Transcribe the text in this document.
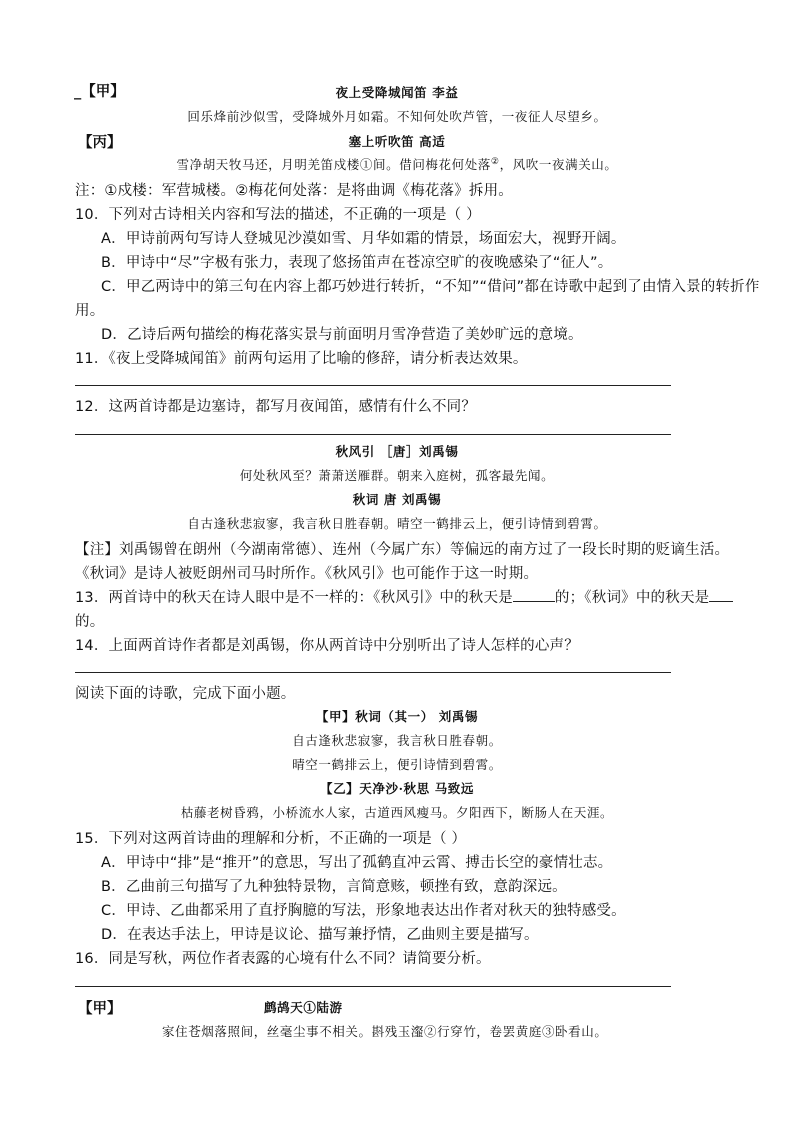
_【甲】	夜上受降城闻笛 李益
回乐烽前沙似雪，受降城外月如霜。不知何处吹芦管，一夜征人尽望乡。
【丙】	塞上听吹笛 高适
雪净胡天牧马还，月明羌笛戍楼①间。借问梅花何处落②，风吹一夜满关山。
注：①戍楼：军营城楼。②梅花何处落：是将曲调《梅花落》拆用。
10．下列对古诗相关内容和写法的描述，不正确的一项是（ ）
A．甲诗前两句写诗人登城见沙漠如雪、月华如霜的情景，场面宏大，视野开阔。
B．甲诗中“尽”字极有张力，表现了悠扬笛声在苍凉空旷的夜晚感染了“征人”。
C．甲乙两诗中的第三句在内容上都巧妙进行转折，“不知”“借问”都在诗歌中起到了由情入景的转折作
用。
D．乙诗后两句描绘的梅花落实景与前面明月雪净营造了美妙旷远的意境。
11．《夜上受降城闻笛》前两句运用了比喻的修辞，请分析表达效果。
12．这两首诗都是边塞诗，都写月夜闻笛，感情有什么不同？
秋风引 ［唐］刘禹锡
何处秋风至？萧萧送雁群。朝来入庭树，孤客最先闻。
秋词 唐 刘禹锡
自古逢秋悲寂寥，我言秋日胜春朝。晴空一鹤排云上，便引诗情到碧霄。
【注】刘禹锡曾在朗州（今湖南常德）、连州（今属广东）等偏远的南方过了一段长时期的贬谪生活。
《秋词》是诗人被贬朗州司马时所作。《秋风引》也可能作于这一时期。
13．两首诗中的秋天在诗人眼中是不一样的：《秋风引》中的秋天是	的；《秋词》中的秋天是
的。
14．上面两首诗作者都是刘禹锡，你从两首诗中分别听出了诗人怎样的心声？
阅读下面的诗歌，完成下面小题。
【甲】秋词（其一） 刘禹锡
自古逢秋悲寂寥，我言秋日胜春朝。
晴空一鹤排云上，便引诗情到碧霄。
【乙】天净沙·秋思 马致远
枯藤老树昏鸦，小桥流水人家，古道西风瘦马。夕阳西下，断肠人在天涯。
15．下列对这两首诗曲的理解和分析，不正确的一项是（ ）
A．甲诗中“排”是“推开”的意思，写出了孤鹤直冲云霄、搏击长空的豪情壮志。
B．乙曲前三句描写了九种独特景物，言简意赅，顿挫有致，意韵深远。
C．甲诗、乙曲都采用了直抒胸臆的写法，形象地表达出作者对秋天的独特感受。
D．在表达手法上，甲诗是议论、描写兼抒情，乙曲则主要是描写。
16．同是写秋，两位作者表露的心境有什么不同？请简要分析。
【甲】	鹧鸪天①陆游
家住苍烟落照间，丝毫尘事不相关。斟残玉瀣②行穿竹，卷罢黄庭③卧看山。
